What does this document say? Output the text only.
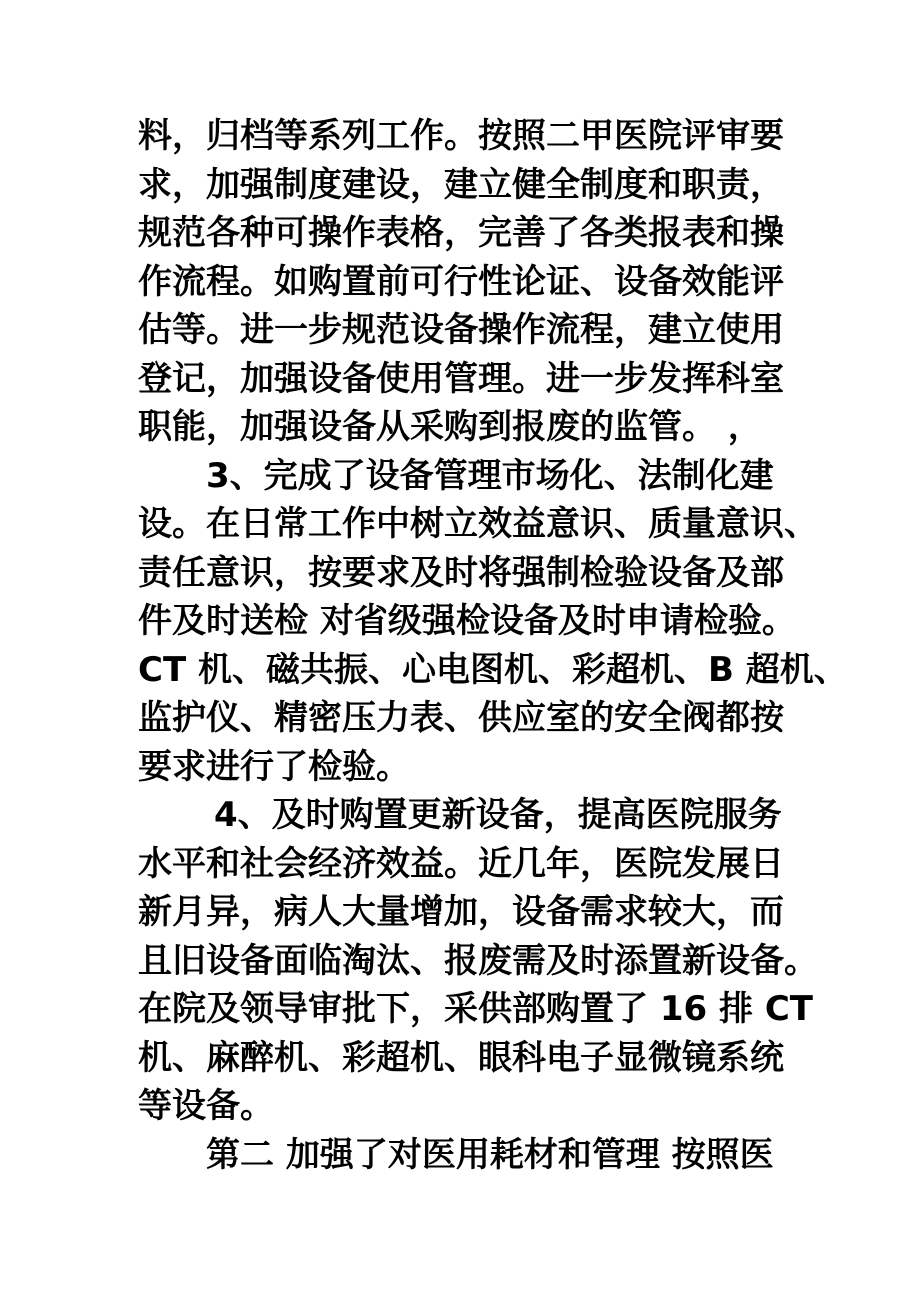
料，归档等系列工作。按照二甲医院评审要
求，加强制度建设，建立健全制度和职责，
规范各种可操作表格，完善了各类报表和操
作流程。如购置前可行性论证、设备效能评
估等。进一步规范设备操作流程，建立使用
登记，加强设备使用管理。进一步发挥科室
职能，加强设备从采购到报废的监管。 ，
3、完成了设备管理市场化、法制化建
设。在日常工作中树立效益意识、质量意识、
责任意识，按要求及时将强制检验设备及部
件及时送检 对省级强检设备及时申请检验。
CT 机、磁共振、心电图机、彩超机、B 超机、
监护仪、精密压力表、供应室的安全阀都按
要求进行了检验。
4、及时购置更新设备，提高医院服务
水平和社会经济效益。近几年，医院发展日
新月异，病人大量增加，设备需求较大，而
且旧设备面临淘汰、报废需及时添置新设备。
在院及领导审批下，采供部购置了 16 排 CT
机、麻醉机、彩超机、眼科电子显微镜系统
等设备。
第二 加强了对医用耗材和管理 按照医
